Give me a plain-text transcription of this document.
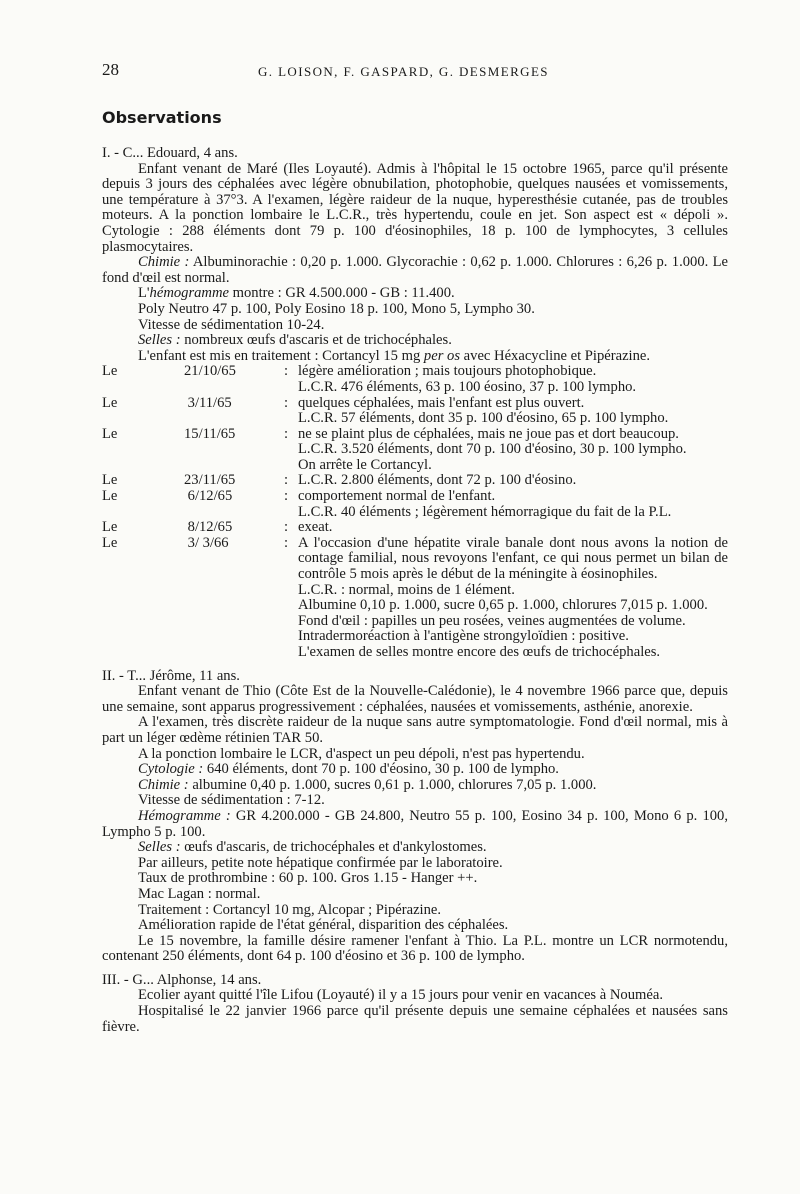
28	G. LOISON, F. GASPARD, G. DESMERGES
Observations

I. - C... Edouard, 4 ans.

Enfant venant de Maré (Iles Loyauté). Admis à l'hôpital le 15 octobre 1965, parce qu'il présente depuis 3 jours des céphalées avec légère obnubilation, photophobie, quelques nausées et vomissements, une température à 37°3. A l'examen, légère raideur de la nuque, hyperesthésie cutanée, pas de troubles moteurs. A la ponction lombaire le L.C.R., très hypertendu, coule en jet. Son aspect est « dépoli ». Cytologie : 288 éléments dont 79 p. 100 d'éosinophiles, 18 p. 100 de lymphocytes, 3 cellules plasmocytaires.

Chimie : Albuminorachie : 0,20 p. 1.000. Glycorachie : 0,62 p. 1.000. Chlorures : 6,26 p. 1.000. Le fond d'œil est normal.

L'hémogramme montre : GR 4.500.000 - GB : 11.400.

Poly Neutro 47 p. 100, Poly Eosino 18 p. 100, Mono 5, Lympho 30.

Vitesse de sédimentation 10-24.

Selles : nombreux œufs d'ascaris et de trichocéphales.

L'enfant est mis en traitement : Cortancyl 15 mg per os avec Héxacycline et Pipérazine.

Le	21/10/65	:	légère amélioration ; mais toujours photophobique.
			L.C.R. 476 éléments, 63 p. 100 éosino, 37 p. 100 lympho.
Le	3/11/65	:	quelques céphalées, mais l'enfant est plus ouvert.
			L.C.R. 57 éléments, dont 35 p. 100 d'éosino, 65 p. 100 lympho.
Le	15/11/65	:	ne se plaint plus de céphalées, mais ne joue pas et dort beaucoup.
			L.C.R. 3.520 éléments, dont 70 p. 100 d'éosino, 30 p. 100 lympho.
			On arrête le Cortancyl.
Le	23/11/65	:	L.C.R. 2.800 éléments, dont 72 p. 100 d'éosino.
Le	6/12/65	:	comportement normal de l'enfant.
			L.C.R. 40 éléments ; légèrement hémorragique du fait de la P.L.
Le	8/12/65	:	exeat.
Le	3/ 3/66	:	A l'occasion d'une hépatite virale banale dont nous avons la notion de contage familial, nous revoyons l'enfant, ce qui nous permet un bilan de contrôle 5 mois après le début de la méningite à éosinophiles.
			L.C.R. : normal, moins de 1 élément.
			Albumine 0,10 p. 1.000, sucre 0,65 p. 1.000, chlorures 7,015 p. 1.000.
			Fond d'œil : papilles un peu rosées, veines augmentées de volume.
			Intradermoréaction à l'antigène strongyloïdien : positive.
			L'examen de selles montre encore des œufs de trichocéphales.

II. - T... Jérôme, 11 ans.

Enfant venant de Thio (Côte Est de la Nouvelle-Calédonie), le 4 novembre 1966 parce que, depuis une semaine, sont apparus progressivement : céphalées, nausées et vomissements, asthénie, anorexie.

A l'examen, très discrète raideur de la nuque sans autre symptomatologie. Fond d'œil normal, mis à part un léger œdème rétinien TAR 50.

A la ponction lombaire le LCR, d'aspect un peu dépoli, n'est pas hypertendu.

Cytologie : 640 éléments, dont 70 p. 100 d'éosino, 30 p. 100 de lympho.

Chimie : albumine 0,40 p. 1.000, sucres 0,61 p. 1.000, chlorures 7,05 p. 1.000.

Vitesse de sédimentation : 7-12.

Hémogramme : GR 4.200.000 - GB 24.800, Neutro 55 p. 100, Eosino 34 p. 100, Mono 6 p. 100, Lympho 5 p. 100.

Selles : œufs d'ascaris, de trichocéphales et d'ankylostomes.

Par ailleurs, petite note hépatique confirmée par le laboratoire.

Taux de prothrombine : 60 p. 100. Gros 1.15 - Hanger ++.

Mac Lagan : normal.

Traitement : Cortancyl 10 mg, Alcopar ; Pipérazine.

Amélioration rapide de l'état général, disparition des céphalées.

Le 15 novembre, la famille désire ramener l'enfant à Thio. La P.L. montre un LCR normotendu, contenant 250 éléments, dont 64 p. 100 d'éosino et 36 p. 100 de lympho.

III. - G... Alphonse, 14 ans.

Ecolier ayant quitté l'île Lifou (Loyauté) il y a 15 jours pour venir en vacances à Nouméa.

Hospitalisé le 22 janvier 1966 parce qu'il présente depuis une semaine céphalées et nausées sans fièvre.
